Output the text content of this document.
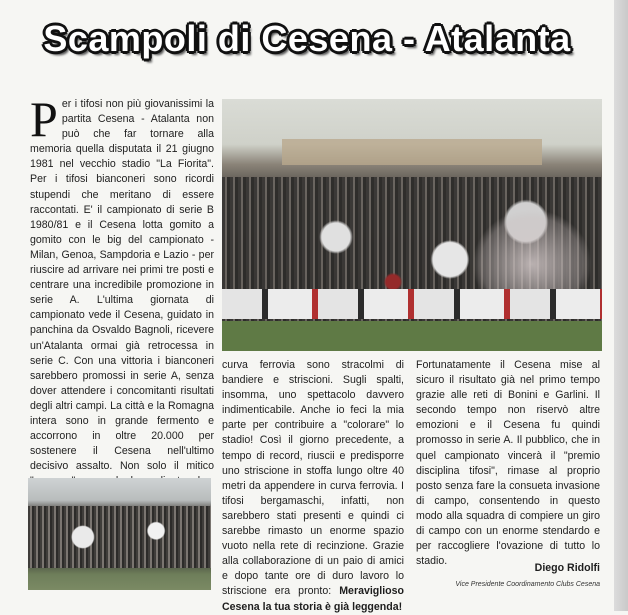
Scampoli di Cesena - Atalanta
P er i tifosi non più giovanissimi la partita Cesena - Atalanta non può che far tornare alla memoria quella disputata il 21 giugno 1981 nel vecchio stadio "La Fiorita". Per i tifosi bianconeri sono ricordi stupendi che meritano di essere raccontati. E' il campionato di serie B 1980/81 e il Cesena lotta gomito a gomito con le big del campionato - Milan, Genoa, Sampdoria e Lazio - per riuscire ad arrivare nei primi tre posti e centrare una incredibile promozione in serie A. L'ultima giornata di campionato vede il Cesena, guidato in panchina da Osvaldo Bagnoli, ricevere un'Atalanta ormai già retrocessa in serie C. Con una vittoria i bianconeri sarebbero promossi in serie A, senza dover attendere i concomitanti risultati degli altri campi. La città e la Romagna intera sono in grande fermento e accorrono in oltre 20.000 per sostenere il Cesena nell'ultimo decisivo assalto. Non solo il mitico

curva ferrovia sono stracolmi di bandiere e striscioni. Sugli spalti, insomma, uno spettacolo davvero indimenticabile. Anche io feci la mia parte per contribuire a "colorare" lo stadio! Così il giorno precedente, a tempo di record, riuscii e predisporre uno striscione in stoffa lungo oltre 40 metri da appendere in curva ferrovia. I tifosi bergamaschi, infatti, non sarebbero stati presenti e quindi ci sarebbe rimasto un enorme spazio vuoto nella rete di recinzione. Grazie alla collaborazione di un paio di amici e dopo tante ore di duro lavoro lo striscione era pronto: Meraviglioso Cesena la tua storia è già leggenda!

Fortunatamente il Cesena mise al sicuro il risultato già nel primo tempo grazie alle reti di Bonini e Garlini. Il secondo tempo non riservò altre emozioni e il Cesena fu quindi promosso in serie A. Il pubblico, che in quel campionato vincerà il "premio disciplina tifosi", rimase al proprio posto senza fare la consueta invasione di campo, consentendo in questo modo alla squadra di compiere un giro di campo con un enorme stendardo e per raccogliere l'ovazione di tutto lo stadio.

Diego Ridolfi
Vice Presidente Coordinamento Clubs Cesena
